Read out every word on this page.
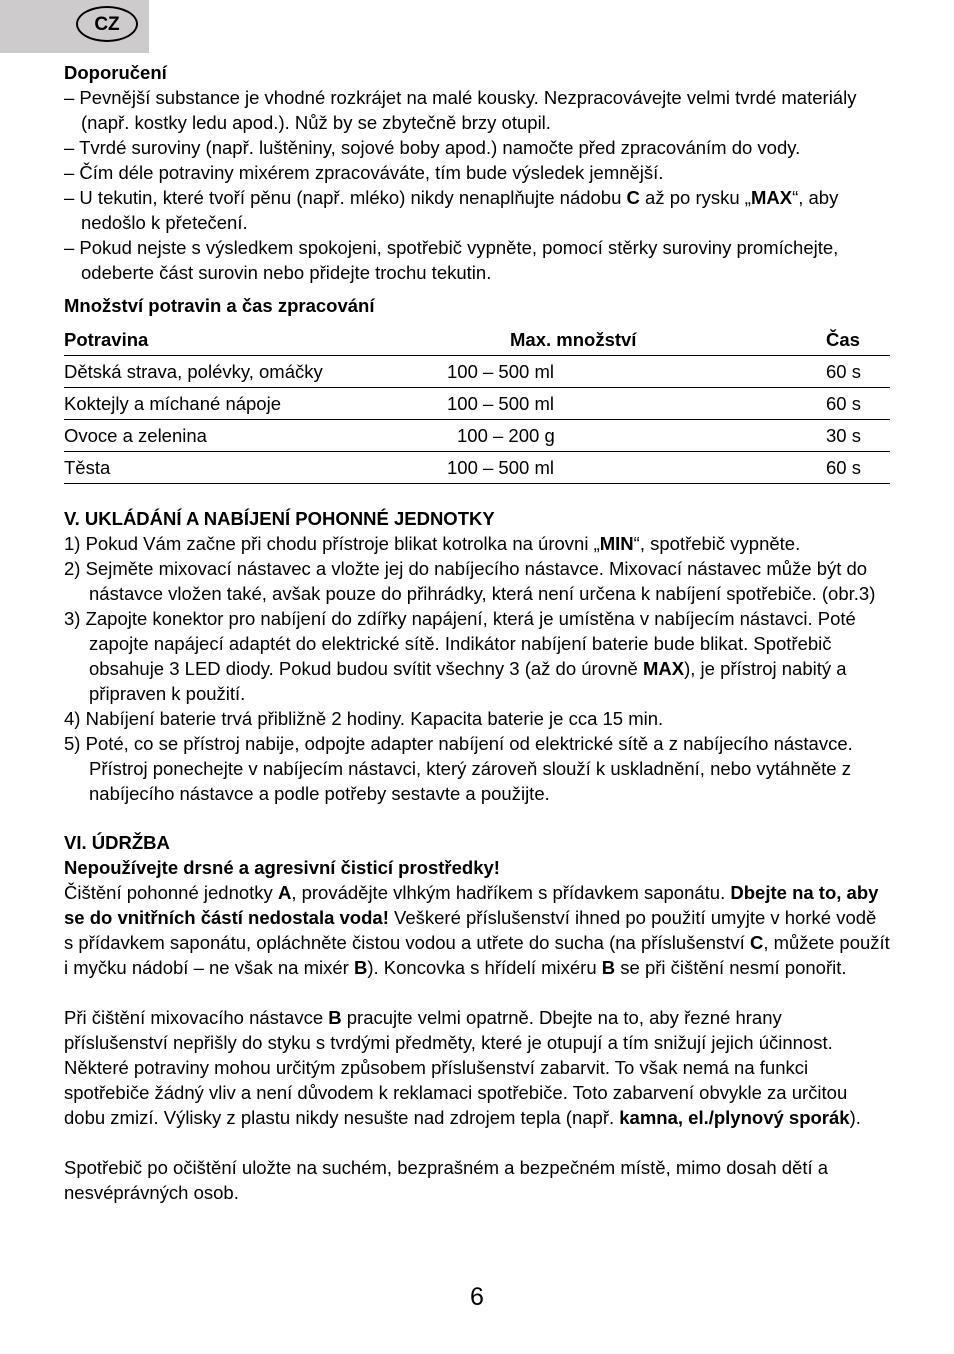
CZ
Doporučení

– Pevnější substance je vhodné rozkrájet na malé kousky. Nezpracovávejte velmi tvrdé materiály (např. kostky ledu apod.). Nůž by se zbytečně brzy otupil.

– Tvrdé suroviny (např. luštěniny, sojové boby apod.) namočte před zpracováním do vody.

– Čím déle potraviny mixérem zpracováváte, tím bude výsledek jemnější.

– U tekutin, které tvoří pěnu (např. mléko) nikdy nenaplňujte nádobu C až po rysku „MAX“, aby nedošlo k přetečení.

– Pokud nejste s výsledkem spokojeni, spotřebič vypněte, pomocí stěrky suroviny promíchejte, odeberte část surovin nebo přidejte trochu tekutin.

Množství potravin a čas zpracování
Potravina	Max. množství	Čas
Dětská strava, polévky, omáčky	100 – 500 ml	60 s
Koktejly a míchané nápoje	100 – 500 ml	60 s
Ovoce a zelenina	100 – 200 g	30 s
Těsta	100 – 500 ml	60 s
V. UKLÁDÁNÍ A NABÍJENÍ POHONNÉ JEDNOTKY

1) Pokud Vám začne při chodu přístroje blikat kotrolka na úrovni „MIN“, spotřebič vypněte.

2) Sejměte mixovací nástavec a vložte jej do nabíjecího nástavce. Mixovací nástavec může být do nástavce vložen také, avšak pouze do přihrádky, která není určena k nabíjení spotřebiče. (obr.3)

3) Zapojte konektor pro nabíjení do zdířky napájení, která je umístěna v nabíjecím nástavci. Poté zapojte napájecí adaptét do elektrické sítě. Indikátor nabíjení baterie bude blikat. Spotřebič obsahuje 3 LED diody. Pokud budou svítit všechny 3 (až do úrovně MAX), je přístroj nabitý a připraven k použití.

4) Nabíjení baterie trvá přibližně 2 hodiny. Kapacita baterie je cca 15 min.

5) Poté, co se přístroj nabije, odpojte adapter nabíjení od elektrické sítě a z nabíjecího nástavce. Přístroj ponechejte v nabíjecím nástavci, který zároveň slouží k uskladnění, nebo vytáhněte z nabíjecího nástavce a podle potřeby sestavte a použijte.

VI. ÚDRŽBA
Nepoužívejte drsné a agresivní čisticí prostředky!

Čištění pohonné jednotky A, provádějte vlhkým hadříkem s přídavkem saponátu. Dbejte na to, aby se do vnitřních částí nedostala voda! Veškeré příslušenství ihned po použití umyjte v horké vodě s přídavkem saponátu, opláchněte čistou vodou a utřete do sucha (na příslušenství C, můžete použít i myčku nádobí – ne však na mixér B). Koncovka s hřídelí mixéru B se při čištění nesmí ponořit.

Při čištění mixovacího nástavce B pracujte velmi opatrně. Dbejte na to, aby řezné hrany příslušenství nepřišly do styku s tvrdými předměty, které je otupují a tím snižují jejich účinnost. Některé potraviny mohou určitým způsobem příslušenství zabarvit. To však nemá na funkci spotřebiče žádný vliv a není důvodem k reklamaci spotřebiče. Toto zabarvení obvykle za určitou dobu zmizí. Výlisky z plastu nikdy nesušte nad zdrojem tepla (např. kamna, el./plynový sporák).

Spotřebič po očištění uložte na suchém, bezprašném a bezpečném místě, mimo dosah dětí a nesvéprávných osob.

6
